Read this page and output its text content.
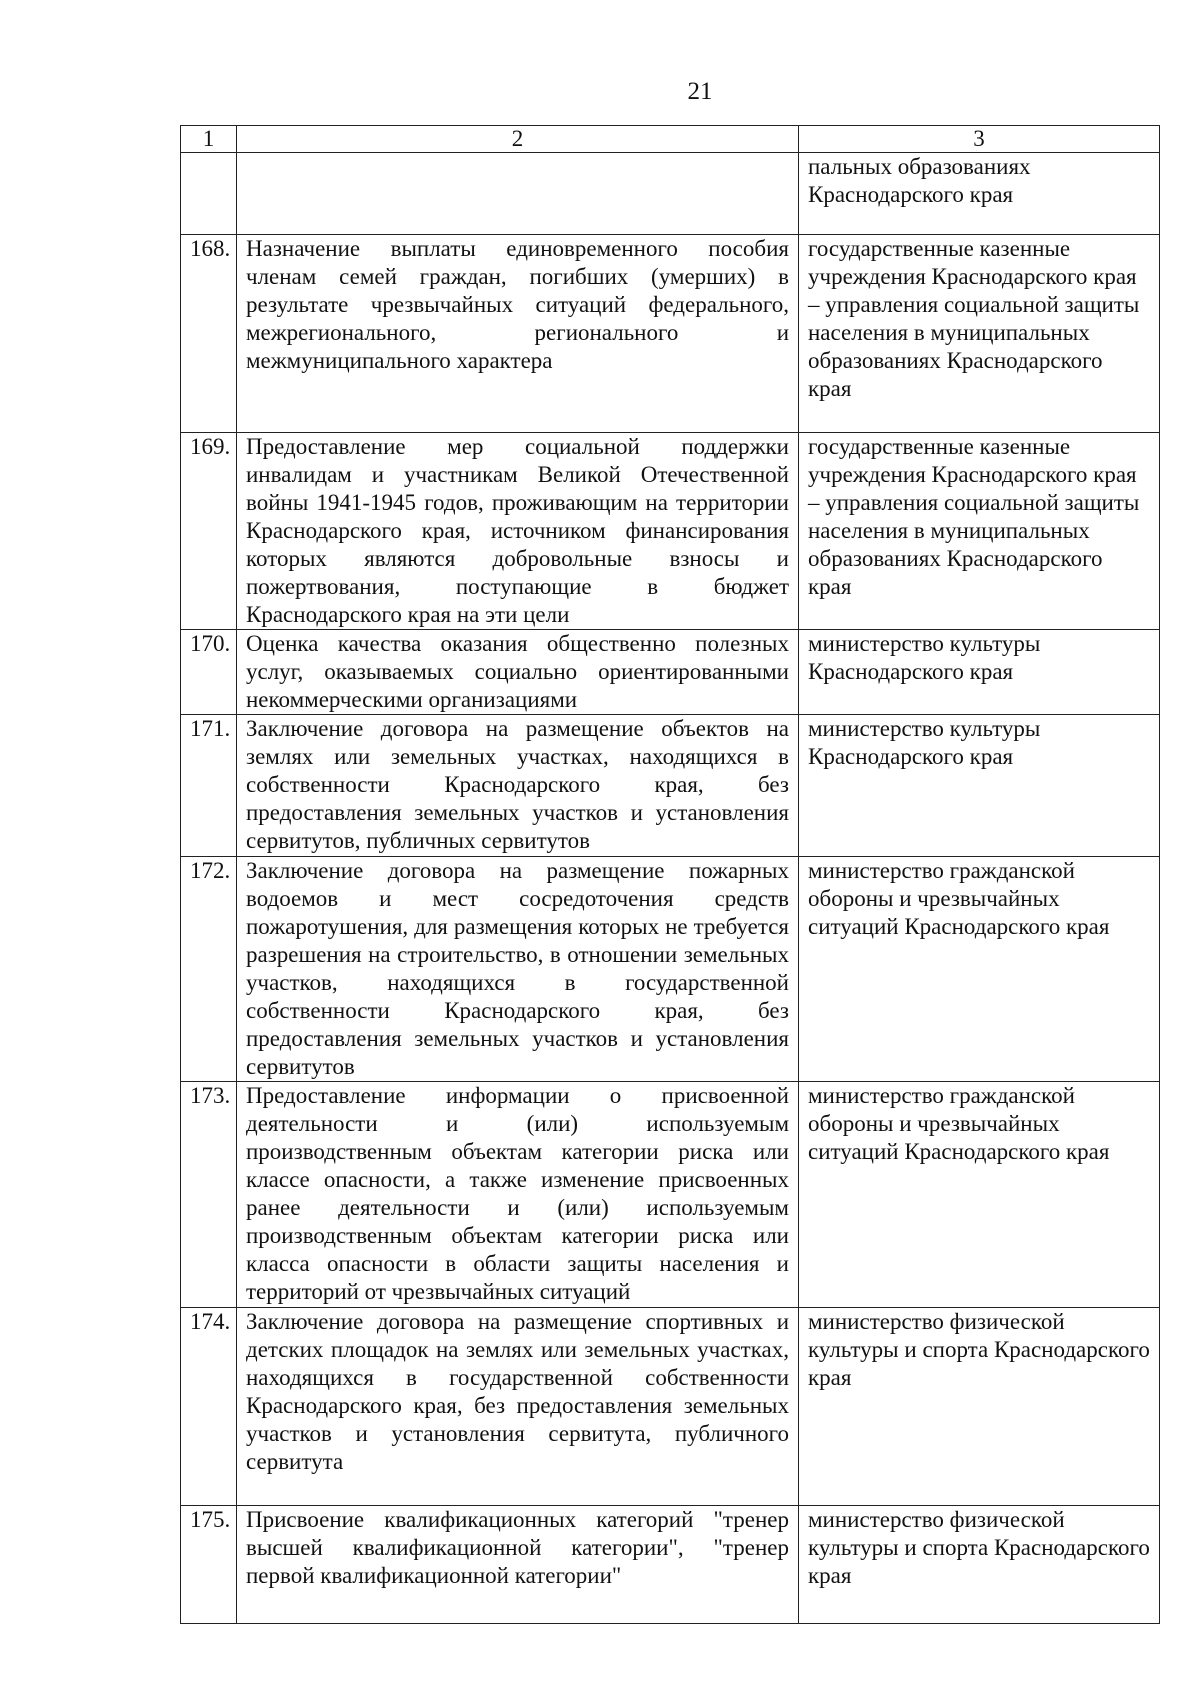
21
1	2	3
		пальных образованиях Краснодарского края
168.	Назначение выплаты единовременного пособия членам семей граждан, погибших (умерших) в результате чрезвычайных ситуаций федерального, межрегионального, регионального и межмуниципального характера	государственные казенные учреждения Краснодарского края – управления социальной защиты населения в муниципальных образованиях Краснодарского края
169.	Предоставление мер социальной поддержки инвалидам и участникам Великой Отечественной войны 1941-1945 годов, проживающим на территории Краснодарского края, источником финансирования которых являются добровольные взносы и пожертвования, поступающие в бюджет Краснодарского края на эти цели	государственные казенные учреждения Краснодарского края – управления социальной защиты населения в муниципальных образованиях Краснодарского края
170.	Оценка качества оказания общественно полезных услуг, оказываемых социально ориентированными некоммерческими организациями	министерство культуры Краснодарского края
171.	Заключение договора на размещение объектов на землях или земельных участках, находящихся в собственности Краснодарского края, без предоставления земельных участков и установления сервитутов, публичных сервитутов	министерство культуры Краснодарского края
172.	Заключение договора на размещение пожарных водоемов и мест сосредоточения средств пожаротушения, для размещения которых не требуется разрешения на строительство, в отношении земельных участков, находящихся в государственной собственности Краснодарского края, без предоставления земельных участков и установления сервитутов	министерство гражданской обороны и чрезвычайных ситуаций Краснодарского края
173.	Предоставление информации о присвоенной деятельности и (или) используемым производственным объектам категории риска или классе опасности, а также изменение присвоенных ранее деятельности и (или) используемым производственным объектам категории риска или класса опасности в области защиты населения и территорий от чрезвычайных ситуаций	министерство гражданской обороны и чрезвычайных ситуаций Краснодарского края
174.	Заключение договора на размещение спортивных и детских площадок на землях или земельных участках, находящихся в государственной собственности Краснодарского края, без предоставления земельных участков и установления сервитута, публичного сервитута	министерство физической культуры и спорта Краснодарского края
175.	Присвоение квалификационных категорий "тренер высшей квалификационной категории", "тренер первой квалификационной категории"	министерство физической культуры и спорта Краснодарского края
